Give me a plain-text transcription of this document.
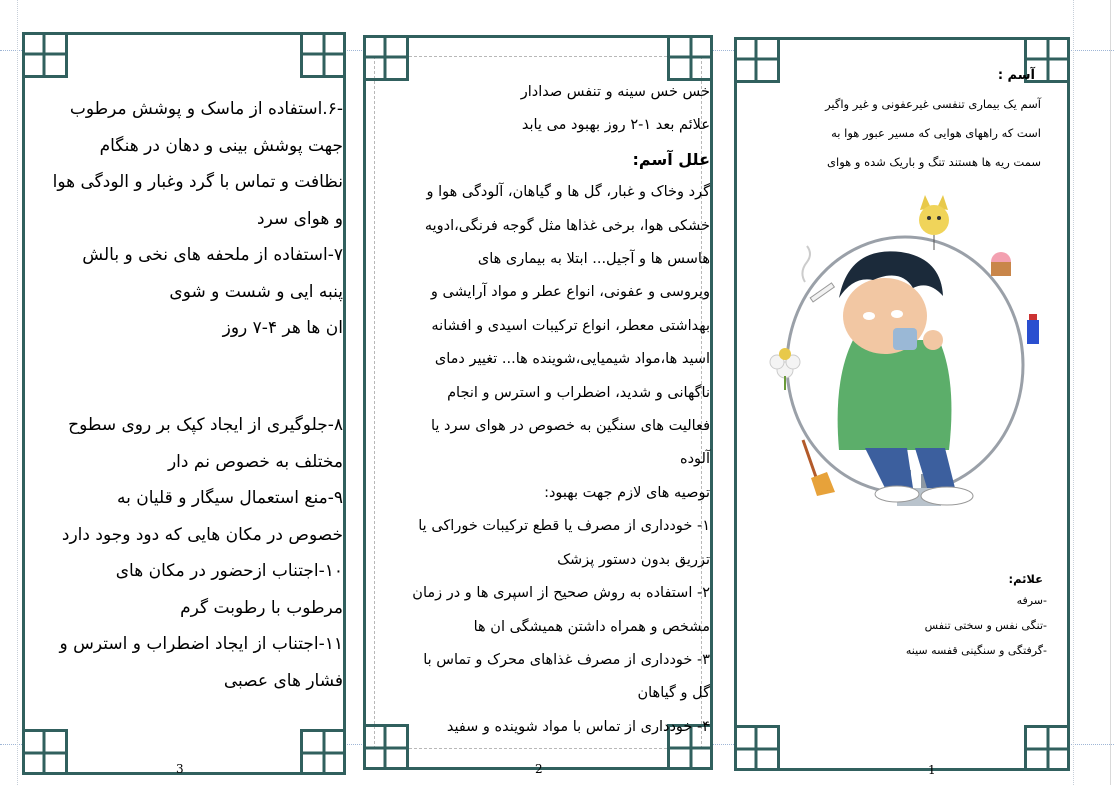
-۶.استفاده از ماسک و پوشش مرطوب
جهت پوشش بینی و دهان در هنگام
نظافت و تماس با گرد وغبار و الودگی هوا
و هوای سرد
۷-استفاده از ملحفه های نخی و بالش
پنبه ایی و شست و شوی
ان ها هر ۴-۷ روز
۸-جلوگیری از ایجاد کپک بر روی سطوح
مختلف به خصوص نم دار
۹-منع استعمال سیگار و قلیان به
خصوص در مکان هایی که دود وجود دارد
۱۰-اجتناب ازحضور در مکان های
مرطوب با رطوبت گرم
۱۱-اجتناب از ایجاد اضطراب و استرس و
فشار های عصبی
3
خس خس سینه و تنفس صدادار
علائم بعد ۱-۲ روز بهبود می یابد
علل آسم:
گرد وخاک و غبار، گل ها و گیاهان، آلودگی هوا و
خشکی هوا، برخی غذاها مثل گوجه فرنگی،ادویه
هاسس ها و آجیل... ابتلا به بیماری های
ویروسی و عفونی، انواع عطر و مواد آرایشی و
بهداشتی معطر، انواع ترکیبات اسیدی و افشانه
اسید ها،مواد شیمیایی،شوینده ها... تغییر دمای
ناگهانی و شدید، اضطراب و استرس و انجام
فعالیت های سنگین به خصوص در هوای سرد یا
آلوده
توصیه های لازم جهت بهبود:
۱- خودداری از مصرف یا قطع ترکیبات خوراکی یا
تزریق بدون دستور پزشک
۲- استفاده به روش صحیح از اسپری ها و در زمان
مشخص و همراه داشتن همیشگی ان ها
۳- خودداری از مصرف غذاهای محرک و تماس با
گل و گیاهان
۴- خودداری از تماس با مواد شوینده و سفید
2
آسم :
آسم یک بیماری تنفسی غیرعفونی و غیر واگیر
است که راههای هوایی که مسیر عبور هوا به
سمت ریه ها هستند تنگ و باریک شده و هوای
علائم:
-سرفه
-تنگی نفس و سختی تنفس
-گرفتگی و سنگینی قفسه سینه
1
